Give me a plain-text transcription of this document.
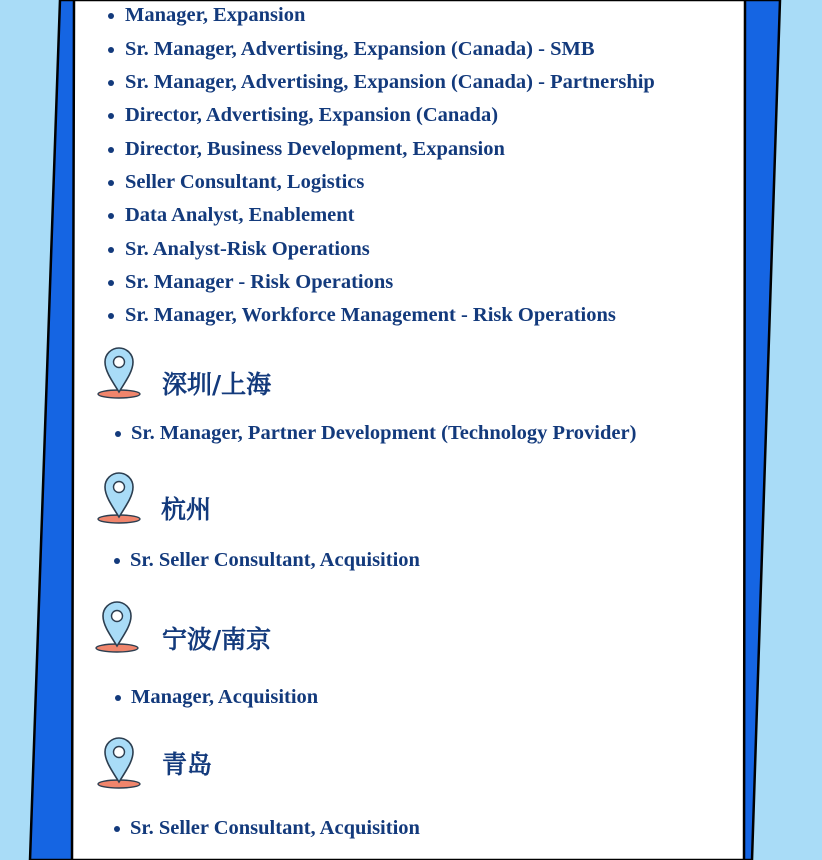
Manager, Expansion
Sr. Manager, Advertising, Expansion (Canada) - SMB
Sr. Manager, Advertising, Expansion (Canada) - Partnership
Director, Advertising, Expansion (Canada)
Director, Business Development, Expansion
Seller Consultant, Logistics
Data Analyst, Enablement
Sr. Analyst-Risk Operations
Sr. Manager - Risk Operations
Sr. Manager, Workforce Management - Risk Operations
深圳/上海
Sr. Manager, Partner Development (Technology Provider)
杭州
Sr. Seller Consultant, Acquisition
宁波/南京
Manager, Acquisition
青岛
Sr. Seller Consultant, Acquisition
